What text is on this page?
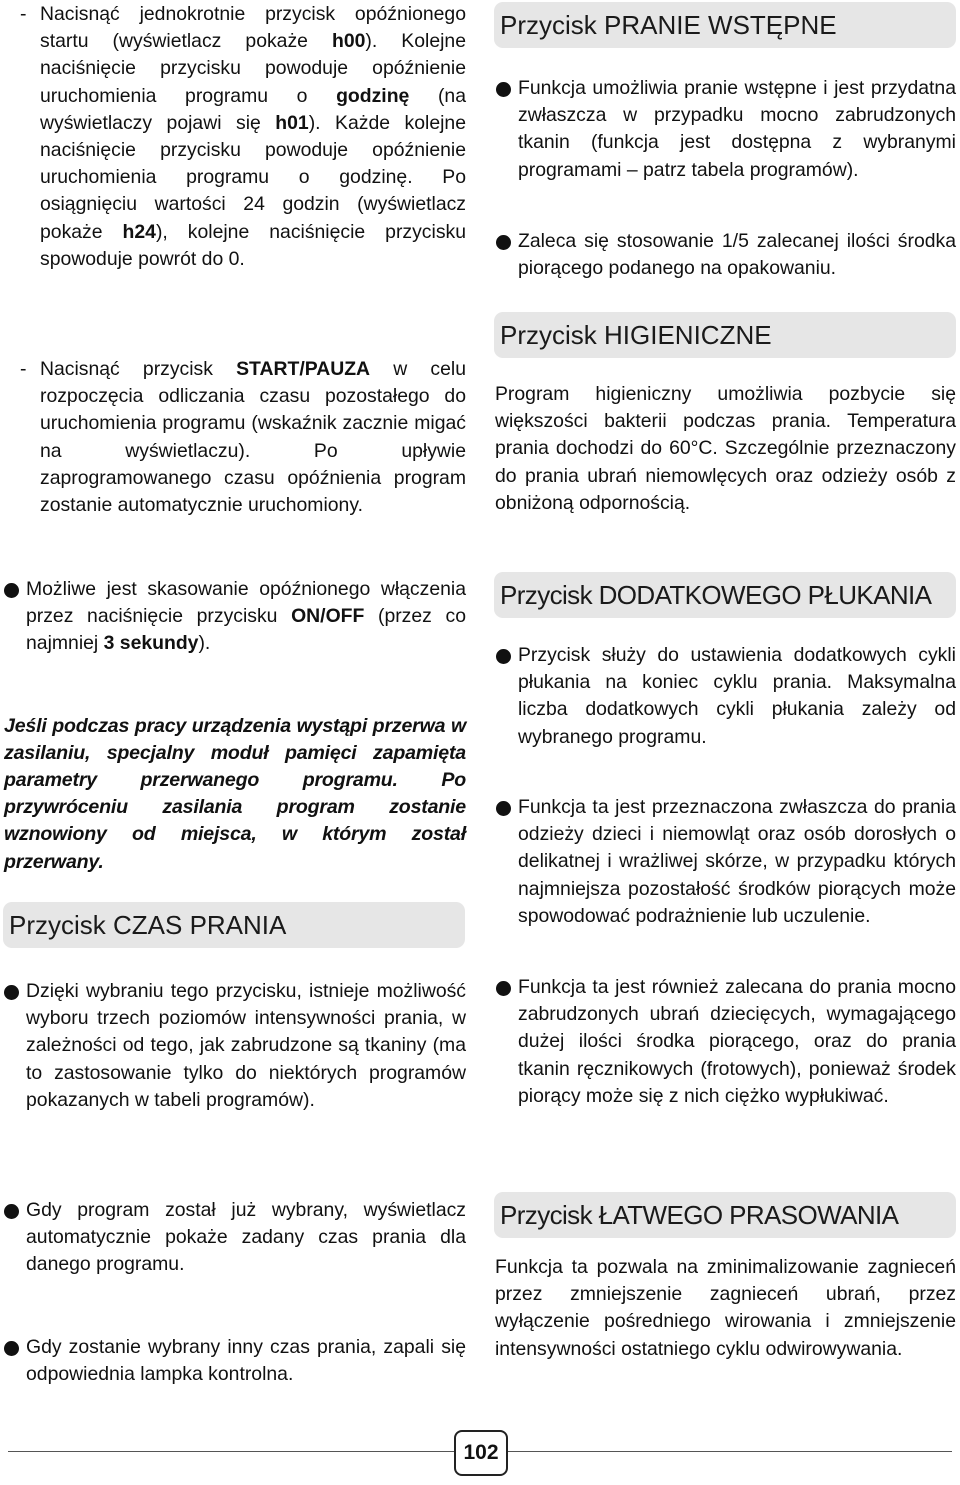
- Nacisnąć jednokrotnie przycisk opóźnionego startu (wyświetlacz pokaże h00). Kolejne naciśnięcie przycisku powoduje opóźnienie uruchomienia programu o godzinę (na wyświetlaczy pojawi się h01). Każde kolejne naciśnięcie przycisku powoduje opóźnienie uruchomienia programu o godzinę. Po osiągnięciu wartości 24 godzin (wyświetlacz pokaże h24), kolejne naciśnięcie przycisku spowoduje powrót do 0.

- Nacisnąć przycisk START/PAUZA w celu rozpoczęcia odliczania czasu pozostałego do uruchomienia programu (wskaźnik zacznie migać na wyświetlaczu). Po upływie zaprogramowanego czasu opóźnienia program zostanie automatycznie uruchomiony.

Możliwe jest skasowanie opóźnionego włączenia przez naciśnięcie przycisku ON/OFF (przez co najmniej 3 sekundy).

Jeśli podczas pracy urządzenia wystąpi przerwa w zasilaniu, specjalny moduł pamięci zapamięta parametry przerwanego programu. Po przywróceniu zasilania program zostanie wznowiony od miejsca, w którym został przerwany.

Przycisk CZAS PRANIA

Dzięki wybraniu tego przycisku, istnieje możliwość wyboru trzech poziomów intensywności prania, w zależności od tego, jak zabrudzone są tkaniny (ma to zastosowanie tylko do niektórych programów pokazanych w tabeli programów).

Gdy program został już wybrany, wyświetlacz automatycznie pokaże zadany czas prania dla danego programu.

Gdy zostanie wybrany inny czas prania, zapali się odpowiednia lampka kontrolna.

Przycisk PRANIE WSTĘPNE

Funkcja umożliwia pranie wstępne i jest przydatna zwłaszcza w przypadku mocno zabrudzonych tkanin (funkcja jest dostępna z wybranymi programami – patrz tabela programów).

Zaleca się stosowanie 1/5 zalecanej ilości środka piorącego podanego na opakowaniu.

Przycisk HIGIENICZNE

Program higieniczny umożliwia pozbycie się większości bakterii podczas prania. Temperatura prania dochodzi do 60°C. Szczególnie przeznaczony do prania ubrań niemowlęcych oraz odzieży osób z obniżoną odpornością.

Przycisk DODATKOWEGO PŁUKANIA

Przycisk służy do ustawienia dodatkowych cykli płukania na koniec cyklu prania. Maksymalna liczba dodatkowych cykli płukania zależy od wybranego programu.

Funkcja ta jest przeznaczona zwłaszcza do prania odzieży dzieci i niemowląt oraz osób dorosłych o delikatnej i wrażliwej skórze, w przypadku których najmniejsza pozostałość środków piorących może spowodować podrażnienie lub uczulenie.

Funkcja ta jest również zalecana do prania mocno zabrudzonych ubrań dziecięcych, wymagającego dużej ilości środka piorącego, oraz do prania tkanin ręcznikowych (frotowych), ponieważ środek piorący może się z nich ciężko wypłukiwać.

Przycisk ŁATWEGO PRASOWANIA

Funkcja ta pozwala na zminimalizowanie zagnieceń przez zmniejszenie zagnieceń ubrań, przez wyłączenie pośredniego wirowania i zmniejszenie intensywności ostatniego cyklu odwirowywania.

102
